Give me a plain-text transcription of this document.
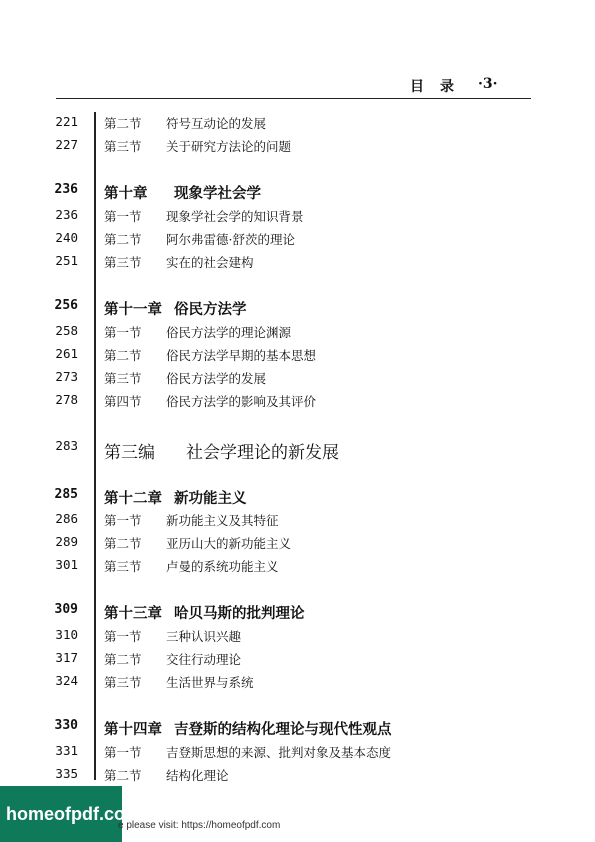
目录 ·3·
221 第二节 符号互动论的发展
227 第三节 关于研究方法论的问题
236 第十章 现象学社会学
236 第一节 现象学社会学的知识背景
240 第二节 阿尔弗雷德·舒茨的理论
251 第三节 实在的社会建构
256 第十一章 俗民方法学
258 第一节 俗民方法学的理论渊源
261 第二节 俗民方法学早期的基本思想
273 第三节 俗民方法学的发展
278 第四节 俗民方法学的影响及其评价
283 第三编 社会学理论的新发展
285 第十二章 新功能主义
286 第一节 新功能主义及其特征
289 第二节 亚历山大的新功能主义
301 第三节 卢曼的系统功能主义
309 第十三章 哈贝马斯的批判理论
310 第一节 三种认识兴趣
317 第二节 交往行动理论
324 第三节 生活世界与系统
330 第十四章 吉登斯的结构化理论与现代性观点
331 第一节 吉登斯思想的来源、批判对象及基本态度
335 第二节 结构化理论
homeofpdf.com
e please visit: https://homeofpdf.com
